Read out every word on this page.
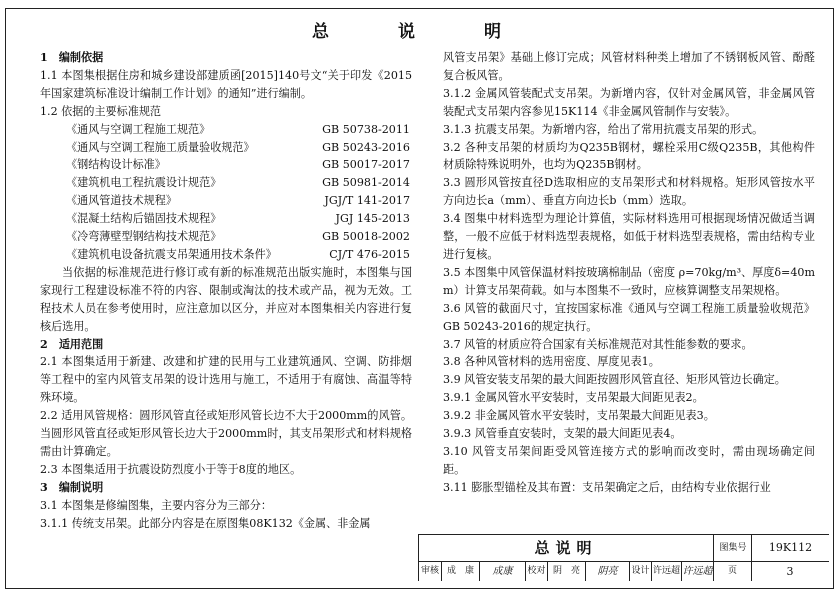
总　说　明

1　编制依据

1.1 本图集根据住房和城乡建设部建质函[2015]140号文“关于印发《2015年国家建筑标准设计编制工作计划》的通知”进行编制。

1.2 依据的主要标准规范

《通风与空调工程施工规范》	GB 50738-2011

《通风与空调工程施工质量验收规范》	GB 50243-2016

《钢结构设计标准》	GB 50017-2017

《建筑机电工程抗震设计规范》	GB 50981-2014

《通风管道技术规程》	JGJ/T 141-2017

《混凝土结构后锚固技术规程》	JGJ 145-2013

《冷弯薄壁型钢结构技术规范》	GB 50018-2002

《建筑机电设备抗震支吊架通用技术条件》	CJ/T 476-2015

当依据的标准规范进行修订或有新的标准规范出版实施时，本图集与国家现行工程建设标准不符的内容、限制或淘汰的技术或产品，视为无效。工程技术人员在参考使用时，应注意加以区分，并应对本图集相关内容进行复核后选用。

2　适用范围

2.1 本图集适用于新建、改建和扩建的民用与工业建筑通风、空调、防排烟等工程中的室内风管支吊架的设计选用与施工，不适用于有腐蚀、高温等特殊环境。

2.2 适用风管规格：圆形风管直径或矩形风管长边不大于2000mm的风管。当圆形风管直径或矩形风管长边大于2000mm时，其支吊架形式和材料规格需由计算确定。

2.3 本图集适用于抗震设防烈度小于等于8度的地区。

3　编制说明

3.1 本图集是修编图集，主要内容分为三部分：

3.1.1 传统支吊架。此部分内容是在原图集08K132《金属、非金属

风管支吊架》基础上修订完成；风管材料种类上增加了不锈钢板风管、酚醛复合板风管。

3.1.2 金属风管装配式支吊架。为新增内容，仅针对金属风管，非金属风管装配式支吊架内容参见15K114《非金属风管制作与安装》。

3.1.3 抗震支吊架。为新增内容，给出了常用抗震支吊架的形式。

3.2 各种支吊架的材质均为Q235B钢材，螺栓采用C级Q235B，其他构件材质除特殊说明外，也均为Q235B钢材。

3.3 圆形风管按直径D选取相应的支吊架形式和材料规格。矩形风管按水平方向边长a（mm）、垂直方向边长b（mm）选取。

3.4 图集中材料选型为理论计算值，实际材料选用可根据现场情况做适当调整，一般不应低于材料选型表规格，如低于材料选型表规格，需由结构专业进行复核。

3.5 本图集中风管保温材料按玻璃棉制品（密度 ρ=70kg/m³、厚度δ=40mm）计算支吊架荷载。如与本图集不一致时，应核算调整支吊架规格。

3.6 风管的截面尺寸，宜按国家标准《通风与空调工程施工质量验收规范》GB 50243-2016的规定执行。

3.7 风管的材质应符合国家有关标准规范对其性能参数的要求。

3.8 各种风管材料的选用密度、厚度见表1。

3.9 风管安装支吊架的最大间距按圆形风管直径、矩形风管边长确定。

3.9.1 金属风管水平安装时，支吊架最大间距见表2。

3.9.2 非金属风管水平安装时，支吊架最大间距见表3。

3.9.3 风管垂直安装时，支架的最大间距见表4。

3.10 风管支吊架间距受风管连接方式的影响而改变时，需由现场确定间距。

3.11 膨胀型锚栓及其布置：支吊架确定之后，由结构专业依据行业

总说明	图集号	19K112
审核 成　康	成康	校对 阴　亮	阴亮	设计 许远超 许远超	页	3
